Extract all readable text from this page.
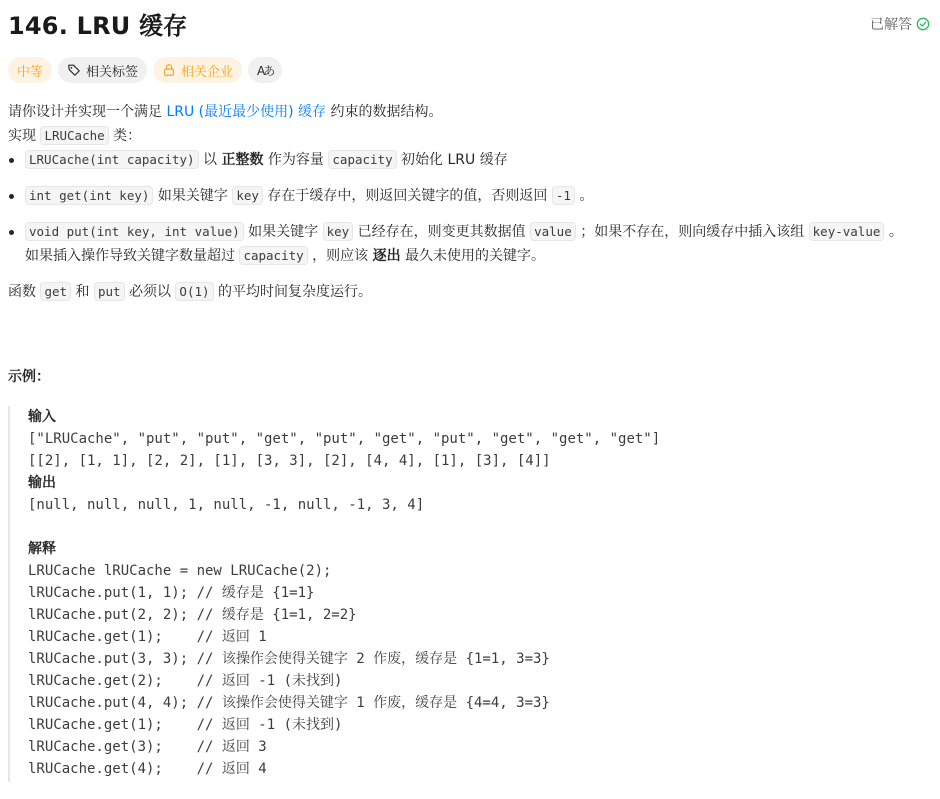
146. LRU 缓存	已解答
中等	相关标签	相关企业 Aあ

请你设计并实现一个满足 LRU (最近最少使用) 缓存 约束的数据结构。

实现 LRUCache 类：

LRUCache(int capacity) 以 正整数 作为容量 capacity 初始化 LRU 缓存
int get(int key) 如果关键字 key 存在于缓存中，则返回关键字的值，否则返回 -1 。
void put(int key, int value) 如果关键字 key 已经存在，则变更其数据值 value ；如果不存在，则向缓存中插入该组 key-value 。如果插入操作导致关键字数量超过 capacity ，则应该 逐出 最久未使用的关键字。

函数 get 和 put 必须以 O(1) 的平均时间复杂度运行。

示例：
输入
["LRUCache", "put", "put", "get", "put", "get", "put", "get", "get", "get"]
[[2], [1, 1], [2, 2], [1], [3, 3], [2], [4, 4], [1], [3], [4]]
输出
[null, null, null, 1, null, -1, null, -1, 3, 4]
解释
LRUCache lRUCache = new LRUCache(2);
lRUCache.put(1, 1); // 缓存是 {1=1}
lRUCache.put(2, 2); // 缓存是 {1=1, 2=2}
lRUCache.get(1);    // 返回 1
lRUCache.put(3, 3); // 该操作会使得关键字 2 作废，缓存是 {1=1, 3=3}
lRUCache.get(2);    // 返回 -1 (未找到)
lRUCache.put(4, 4); // 该操作会使得关键字 1 作废，缓存是 {4=4, 3=3}
lRUCache.get(1);    // 返回 -1 (未找到)
lRUCache.get(3);    // 返回 3
lRUCache.get(4);    // 返回 4
